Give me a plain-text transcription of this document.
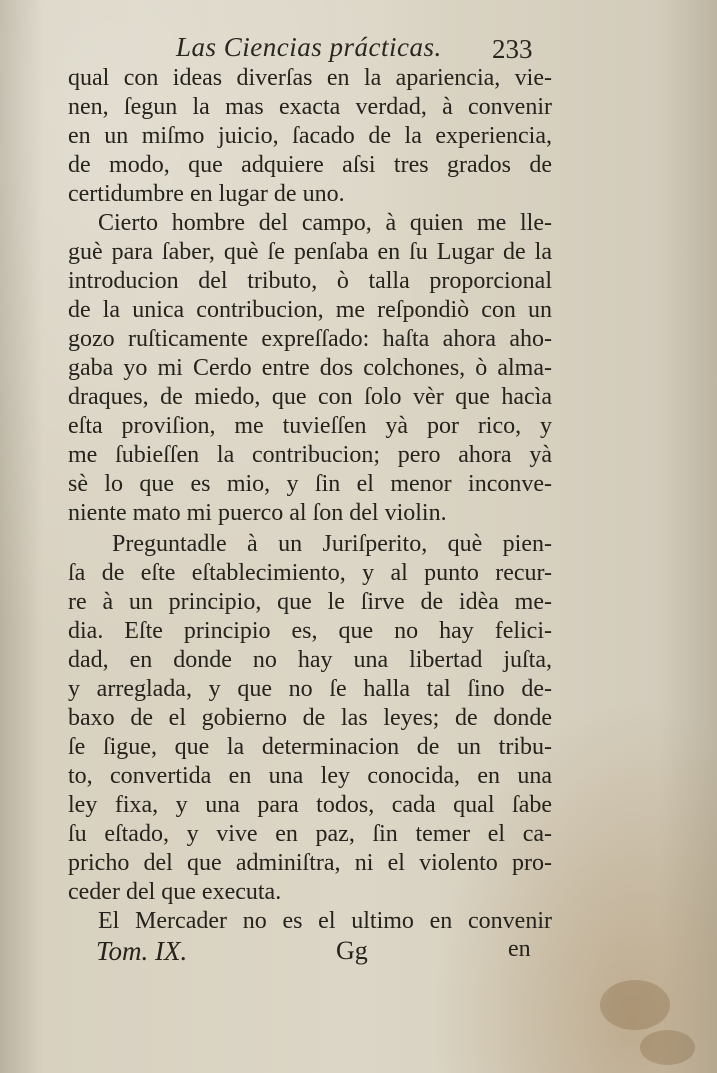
Las Ciencias prácticas. 233
qual con ideas diverſas en la apariencia, vie-
nen, ſegun la mas exacta verdad, à convenir
en un miſmo juicio, ſacado de la experiencia,
de modo, que adquiere aſsi tres grados de
certidumbre en lugar de uno.
Cierto hombre del campo, à quien me lle-
guè para ſaber, què ſe penſaba en ſu Lugar de la
introducion del tributo, ò talla proporcional
de la unica contribucion, me reſpondiò con un
gozo ruſticamente expreſſado: haſta ahora aho-
gaba yo mi Cerdo entre dos colchones, ò alma-
draques, de miedo, que con ſolo vèr que hacìa
eſta proviſion, me tuvieſſen yà por rico, y
me ſubieſſen la contribucion; pero ahora yà
sè lo que es mio, y ſin el menor inconve-
niente mato mi puerco al ſon del violin.
Preguntadle à un Juriſperito, què pien-
ſa de eſte eſtablecimiento, y al punto recur-
re à un principio, que le ſirve de idèa me-
dia. Eſte principio es, que no hay felici-
dad, en donde no hay una libertad juſta,
y arreglada, y que no ſe halla tal ſino de-
baxo de el gobierno de las leyes; de donde
ſe ſigue, que la determinacion de un tribu-
to, convertida en una ley conocida, en una
ley fixa, y una para todos, cada qual ſabe
ſu eſtado, y vive en paz, ſin temer el ca-
pricho del que adminiſtra, ni el violento pro-
ceder del que executa.
El Mercader no es el ultimo en convenir
Tom. IX.	Gg	en
